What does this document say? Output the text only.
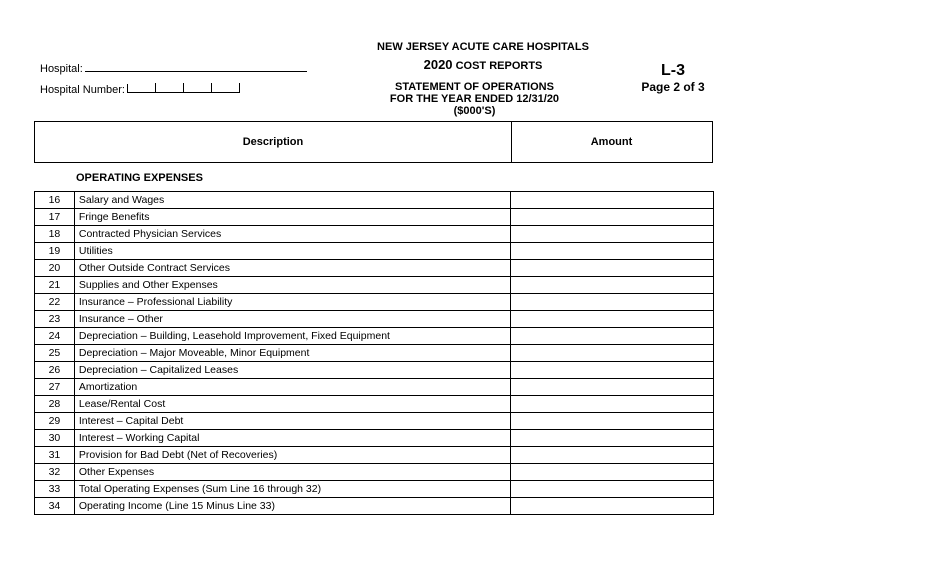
NEW JERSEY ACUTE CARE HOSPITALS
2020 COST REPORTS
STATEMENT OF OPERATIONS
FOR THE YEAR ENDED 12/31/20
($000'S)
L-3
Page 2 of 3
Hospital:
Hospital Number:
Description	Amount
OPERATING EXPENSES
16	Salary and Wages	
17	Fringe Benefits	
18	Contracted Physician Services	
19	Utilities	
20	Other Outside Contract Services	
21	Supplies and Other Expenses	
22	Insurance – Professional Liability	
23	Insurance – Other	
24	Depreciation – Building, Leasehold Improvement, Fixed Equipment	
25	Depreciation – Major Moveable, Minor Equipment	
26	Depreciation – Capitalized Leases	
27	Amortization	
28	Lease/Rental Cost	
29	Interest – Capital Debt	
30	Interest – Working Capital	
31	Provision for Bad Debt (Net of Recoveries)	
32	Other Expenses	
33	Total Operating Expenses (Sum Line 16 through 32)	
34	Operating Income (Line 15 Minus Line 33)	
